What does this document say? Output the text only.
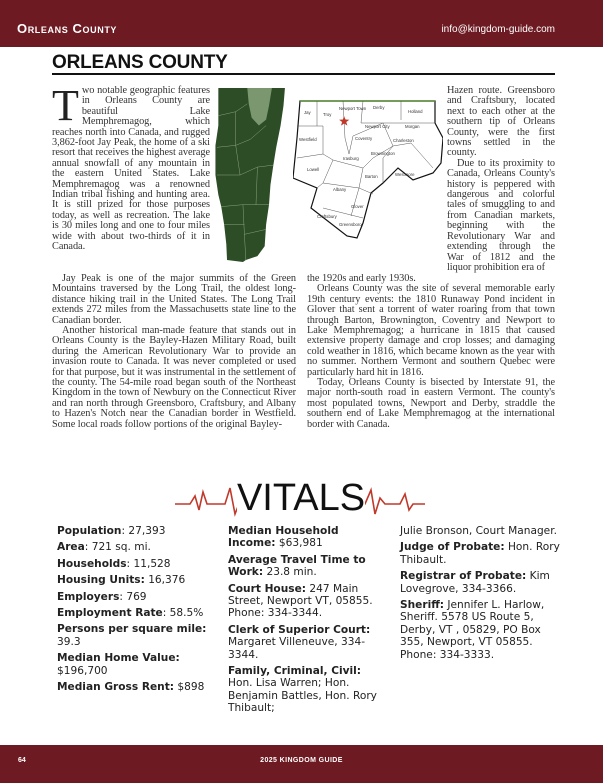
Orleans County	info@kingdom-guide.com
ORLEANS COUNTY

Two notable geographic features in Orleans County are beautiful Lake Memphremagog, which reaches north into Canada, and rugged 3,862-foot Jay Peak, the home of a ski resort that receives the highest average annual snowfall of any mountain in the eastern United States. Lake Memphremagog was a renowned Indian tribal fishing and hunting area. It is still prized for those purposes today, as well as recreation. The lake is 30 miles long and one to four miles wide with about two-thirds of it in Canada.

Jay	Troy
Newport Town Derby
Holland
Westfield
Newport City	Morgan
Coventry	Charleston
Irasburg
Brownington
Lowell
Barton	Westmore
Albany
Glover
Craftsbury
Greensboro

Hazen route. Greensboro and Craftsbury, located next to each other at the southern tip of Orleans County, were the first towns settled in the county.

Due to its proximity to Canada, Orleans County's history is peppered with dangerous and colorful tales of smuggling to and from Canadian markets, beginning with the Revolutionary War and extending through the War of 1812 and the liquor prohibition era of

Jay Peak is one of the major summits of the Green Mountains traversed by the Long Trail, the oldest long-distance hiking trail in the United States. The Long Trail extends 272 miles from the Massachusetts state line to the Canadian border.

Another historical man-made feature that stands out in Orleans County is the Bayley-Hazen Military Road, built during the American Revolutionary War to provide an invasion route to Canada. It was never completed or used for that purpose, but it was instrumental in the settlement of the county. The 54-mile road began south of the Northeast Kingdom in the town of Newbury on the Connecticut River and ran north through Greensboro, Craftsbury, and Albany to Hazen's Notch near the Canadian border in Westfield. Some local roads follow portions of the original Bayley-

the 1920s and early 1930s.

Orleans County was the site of several memorable early 19th century events: the 1810 Runaway Pond incident in Glover that sent a torrent of water roaring from that town through Barton, Brownington, Coventry and Newport to Lake Memphremagog; a hurricane in 1815 that caused extensive property damage and crop losses; and damaging cold weather in 1816, which became known as the year with no summer. Northern Vermont and southern Quebec were particularly hard hit in 1816.

Today, Orleans County is bisected by Interstate 91, the major north-south road in eastern Vermont. The county's most populated towns, Newport and Derby, straddle the southern end of Lake Memphremagog at the international border with Canada.

VITALS
Population: 27,393
Area: 721 sq. mi.
Households: 11,528
Housing Units: 16,376
Employers: 769
Employment Rate: 58.5%
Persons per square mile: 39.3
Median Home Value: $196,700
Median Gross Rent: $898
Median Household Income: $63,981
Average Travel Time to Work: 23.8 min.
Court House: 247 Main Street, Newport VT, 05855. Phone: 334-3344.
Clerk of Superior Court: Margaret Villeneuve, 334-3344.
Family, Criminal, Civil: Hon. Lisa Warren; Hon. Benjamin Battles, Hon. Rory Thibault;
Julie Bronson, Court Manager.
Judge of Probate: Hon. Rory Thibault.
Registrar of Probate: Kim Lovegrove, 334-3366.
Sheriff: Jennifer L. Harlow, Sheriff. 5578 US Route 5, Derby, VT , 05829, PO Box 355, Newport, VT 05855. Phone: 334-3333.
64	2025 KINGDOM GUIDE
